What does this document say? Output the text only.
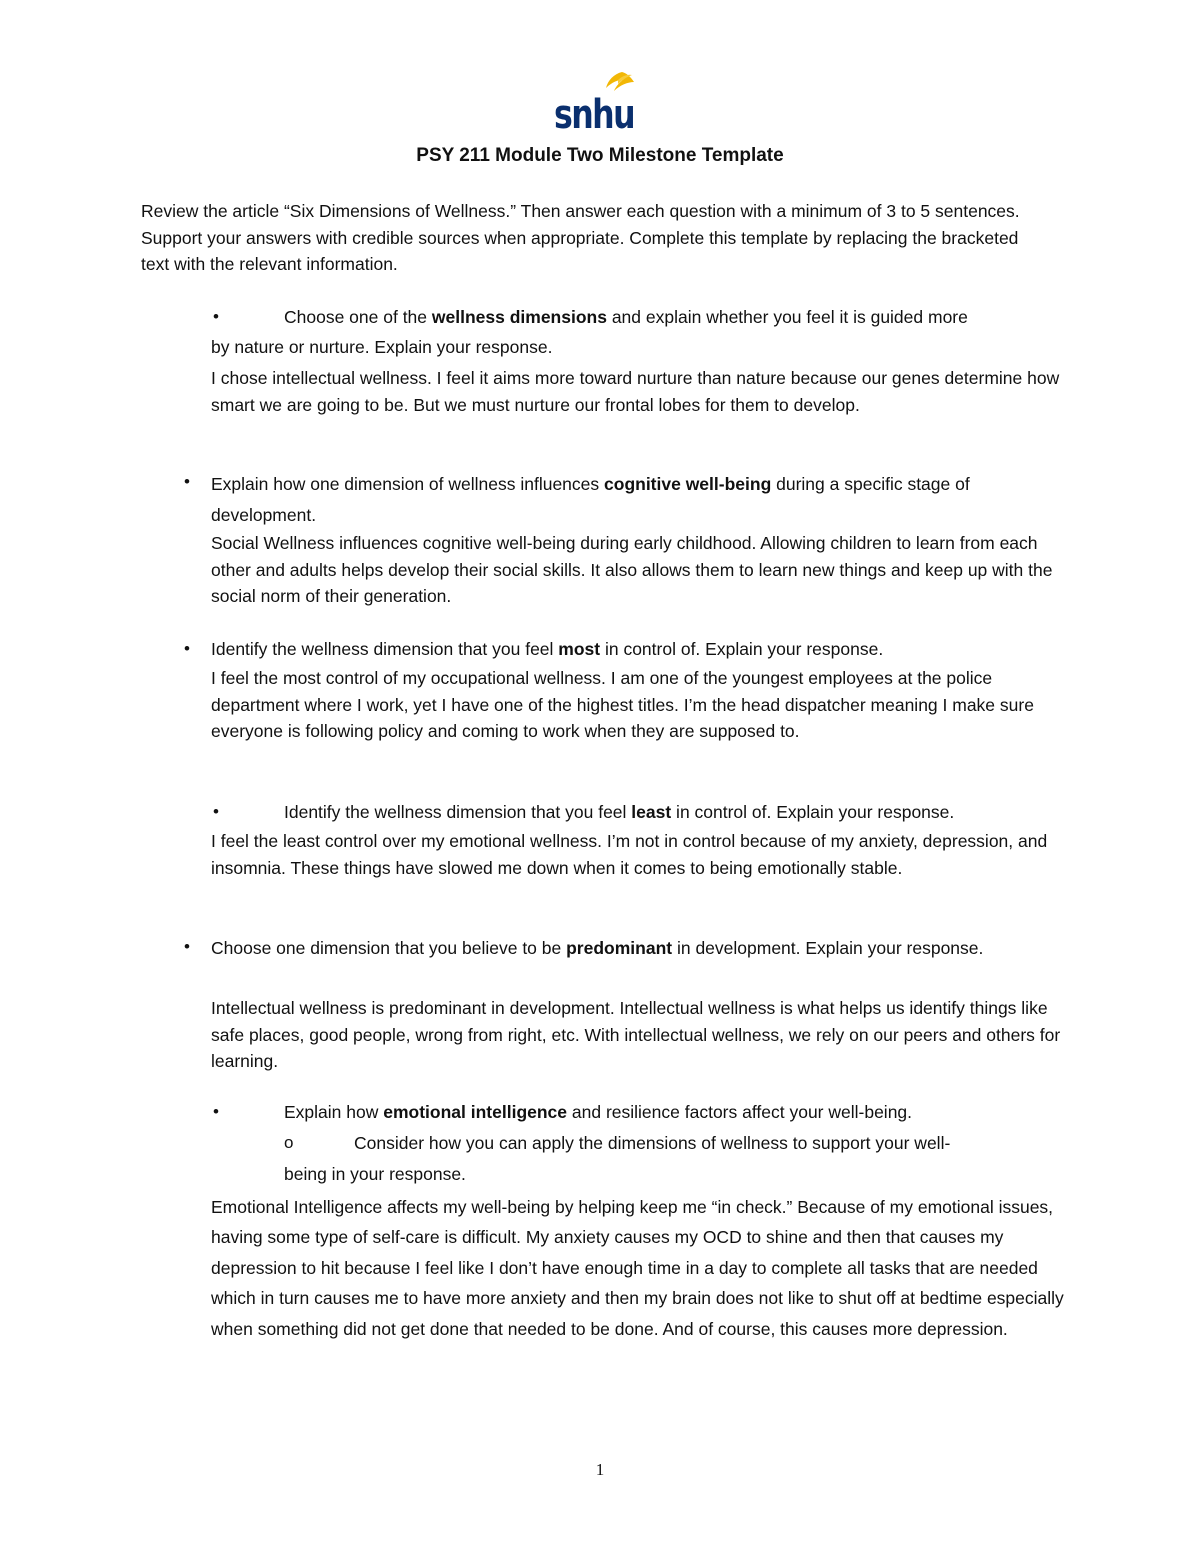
snhu
PSY 211 Module Two Milestone Template

Review the article “Six Dimensions of Wellness.” Then answer each question with a minimum of 3 to 5 sentences. Support your answers with credible sources when appropriate. Complete this template by replacing the bracketed text with the relevant information.

•	Choose one of the wellness dimensions and explain whether you feel it is guided more
by nature or nurture. Explain your response.
I chose intellectual wellness. I feel it aims more toward nurture than nature because our genes determine how smart we are going to be. But we must nurture our frontal lobes for them to develop.
• Explain how one dimension of wellness influences cognitive well-being during a specific stage of development.
Social Wellness influences cognitive well-being during early childhood. Allowing children to learn from each other and adults helps develop their social skills. It also allows them to learn new things and keep up with the social norm of their generation.
• Identify the wellness dimension that you feel most in control of. Explain your response.
I feel the most control of my occupational wellness. I am one of the youngest employees at the police department where I work, yet I have one of the highest titles. I’m the head dispatcher meaning I make sure everyone is following policy and coming to work when they are supposed to.
•	Identify the wellness dimension that you feel least in control of. Explain your response.
I feel the least control over my emotional wellness. I’m not in control because of my anxiety, depression, and insomnia. These things have slowed me down when it comes to being emotionally stable.
• Choose one dimension that you believe to be predominant in development. Explain your response.
Intellectual wellness is predominant in development. Intellectual wellness is what helps us identify things like safe places, good people, wrong from right, etc. With intellectual wellness, we rely on our peers and others for learning.
•	Explain how emotional intelligence and resilience factors affect your well-being.
o	Consider how you can apply the dimensions of wellness to support your well-
being in your response.
Emotional Intelligence affects my well-being by helping keep me “in check.” Because of my emotional issues, having some type of self-care is difficult. My anxiety causes my OCD to shine and then that causes my depression to hit because I feel like I don’t have enough time in a day to complete all tasks that are needed which in turn causes me to have more anxiety and then my brain does not like to shut off at bedtime especially when something did not get done that needed to be done. And of course, this causes more depression.
1
